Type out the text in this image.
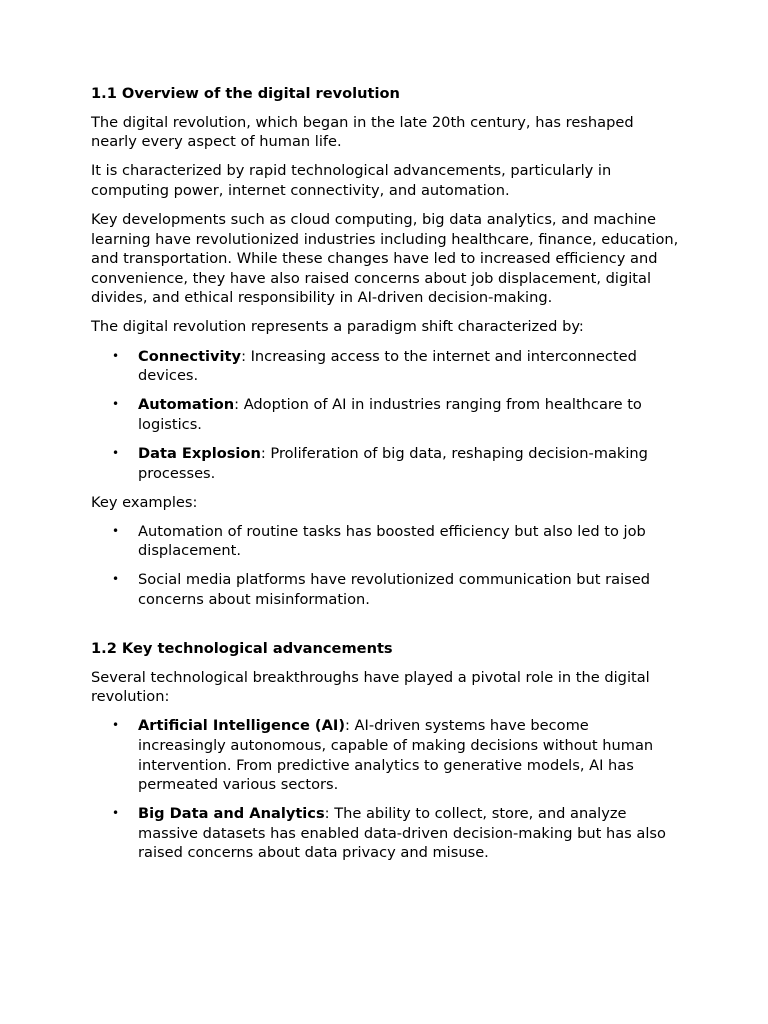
1.1 Overview of the digital revolution

The digital revolution, which began in the late 20th century, has reshaped nearly every aspect of human life.

It is characterized by rapid technological advancements, particularly in computing power, internet connectivity, and automation.

Key developments such as cloud computing, big data analytics, and machine learning have revolutionized industries including healthcare, finance, education, and transportation. While these changes have led to increased efficiency and convenience, they have also raised concerns about job displacement, digital divides, and ethical responsibility in AI-driven decision-making.

The digital revolution represents a paradigm shift characterized by:

• Connectivity: Increasing access to the internet and interconnected devices.
• Automation: Adoption of AI in industries ranging from healthcare to logistics.
• Data Explosion: Proliferation of big data, reshaping decision-making processes.

Key examples:

• Automation of routine tasks has boosted efficiency but also led to job displacement.
• Social media platforms have revolutionized communication but raised concerns about misinformation.
1.2 Key technological advancements

Several technological breakthroughs have played a pivotal role in the digital revolution:

• Artificial Intelligence (AI): AI-driven systems have become increasingly autonomous, capable of making decisions without human intervention. From predictive analytics to generative models, AI has permeated various sectors.
• Big Data and Analytics: The ability to collect, store, and analyze massive datasets has enabled data-driven decision-making but has also raised concerns about data privacy and misuse.
